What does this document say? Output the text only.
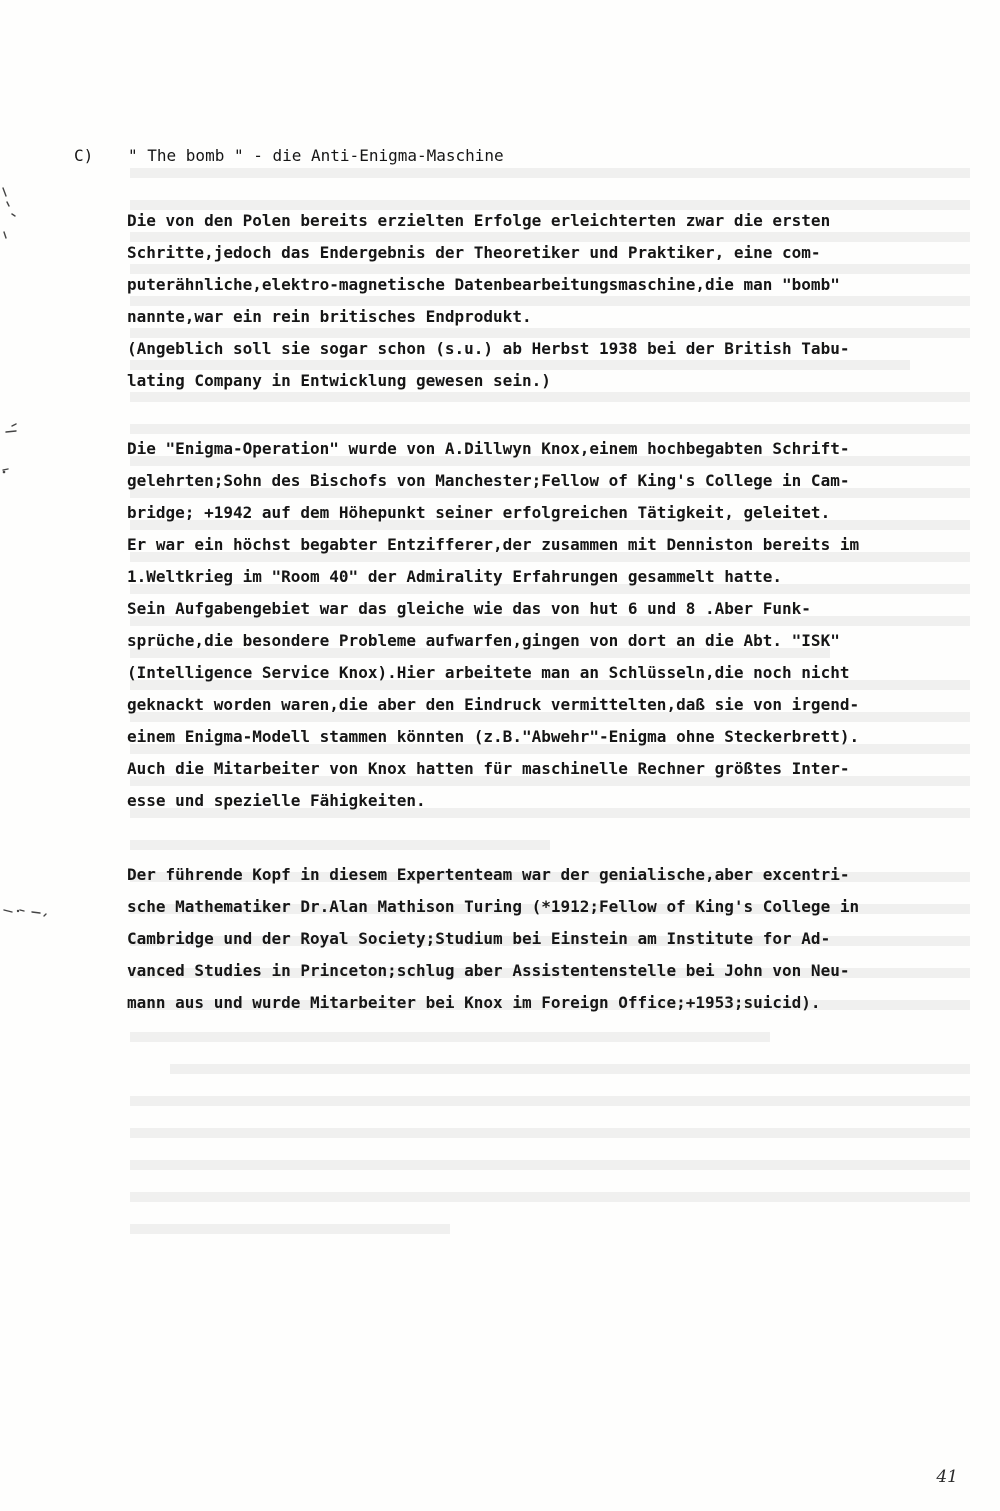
C) " The bomb " - die Anti-Enigma-Maschine
Die von den Polen bereits erzielten Erfolge erleichterten zwar die ersten
Schritte,jedoch das Endergebnis der Theoretiker und Praktiker, eine com-
puterähnliche,elektro-magnetische Datenbearbeitungsmaschine,die man "bomb"
nannte,war ein rein britisches Endprodukt.
(Angeblich soll sie sogar schon (s.u.) ab Herbst 1938 bei der British Tabu-
lating Company in Entwicklung gewesen sein.)
Die "Enigma-Operation" wurde von A.Dillwyn Knox,einem hochbegabten Schrift-
gelehrten;Sohn des Bischofs von Manchester;Fellow of King's College in Cam-
bridge; +1942 auf dem Höhepunkt seiner erfolgreichen Tätigkeit, geleitet.
Er war ein höchst begabter Entzifferer,der zusammen mit Denniston bereits im
1.Weltkrieg im "Room 40" der Admirality Erfahrungen gesammelt hatte.
Sein Aufgabengebiet war das gleiche wie das von hut 6 und 8 .Aber Funk-
sprüche,die besondere Probleme aufwarfen,gingen von dort an die Abt. "ISK"
(Intelligence Service Knox).Hier arbeitete man an Schlüsseln,die noch nicht
geknackt worden waren,die aber den Eindruck vermittelten,daß sie von irgend-
einem Enigma-Modell stammen könnten (z.B."Abwehr"-Enigma ohne Steckerbrett).
Auch die Mitarbeiter von Knox hatten für maschinelle Rechner größtes Inter-
esse und spezielle Fähigkeiten.
Der führende Kopf in diesem Expertenteam war der genialische,aber excentri-
sche Mathematiker Dr.Alan Mathison Turing (*1912;Fellow of King's College in
Cambridge und der Royal Society;Studium bei Einstein am Institute for Ad-
vanced Studies in Princeton;schlug aber Assistentenstelle bei John von Neu-
mann aus und wurde Mitarbeiter bei Knox im Foreign Office;+1953;suicid).
41
